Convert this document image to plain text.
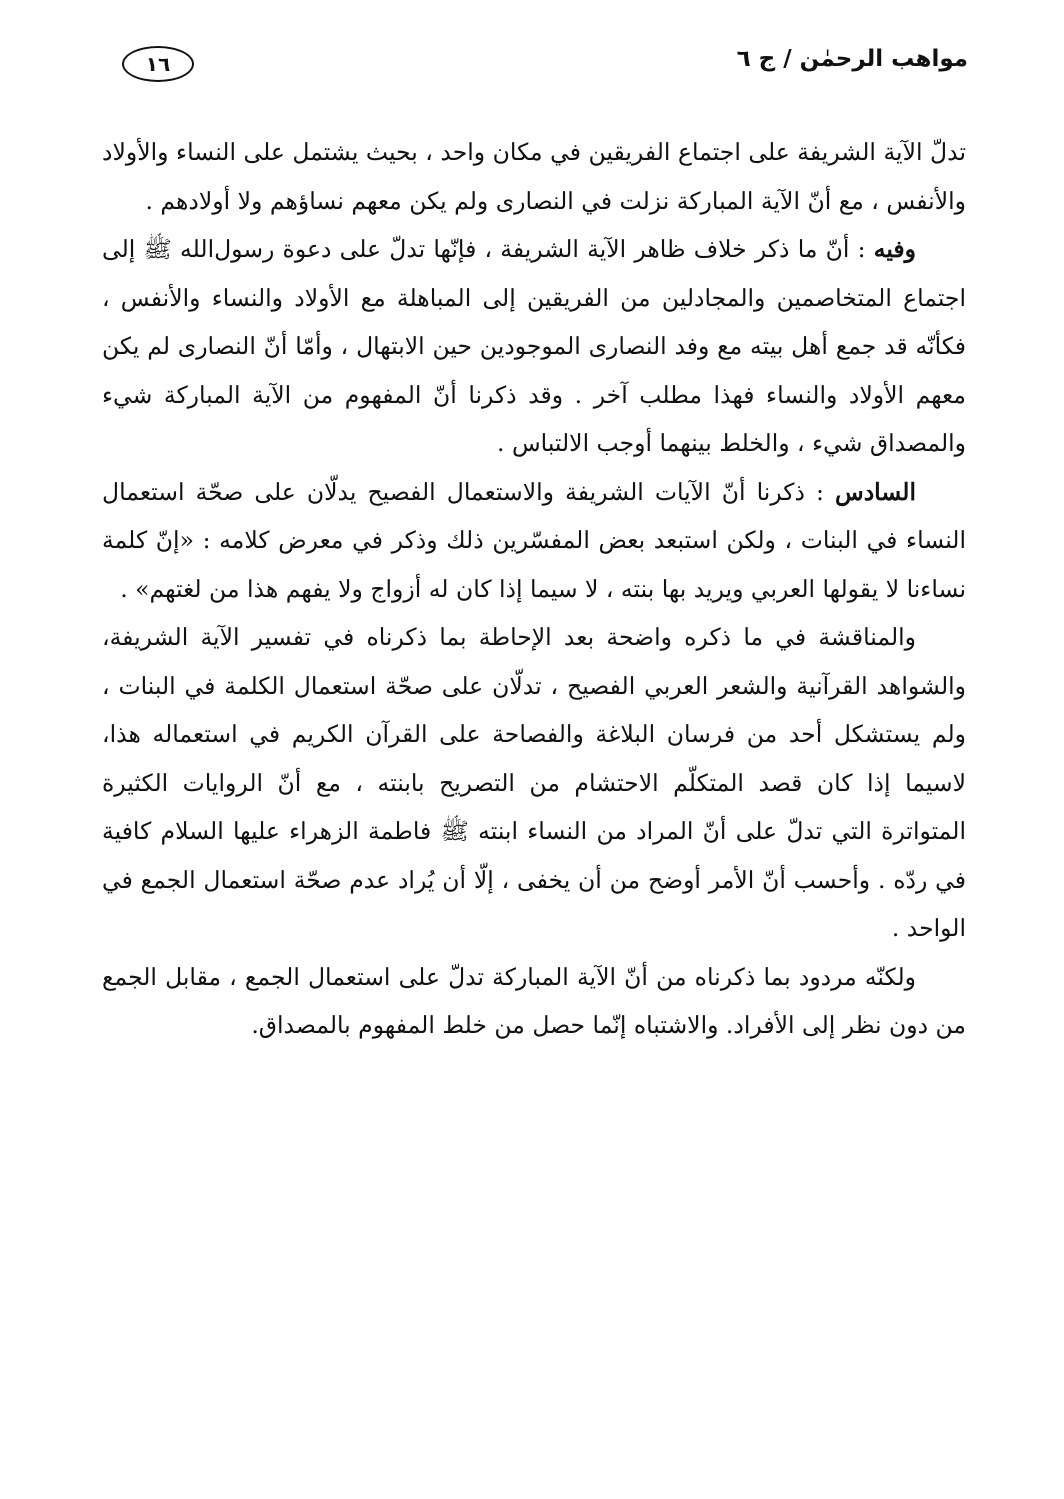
مواهب الرحمٰن / ج ٦
١٦

تدلّ الآية الشريفة على اجتماع الفريقين في مكان واحد ، بحيث يشتمل على النساء والأولاد والأنفس ، مع أنّ الآية المباركة نزلت في النصارى ولم يكن معهم نساؤهم ولا أولادهم .

وفيه : أنّ ما ذكر خلاف ظاهر الآية الشريفة ، فإنّها تدلّ على دعوة رسول‌الله ﷺ إلى اجتماع المتخاصمين والمجادلين من الفريقين إلى المباهلة مع الأولاد والنساء والأنفس ، فكأنّه قد جمع أهل بيته مع وفد النصارى الموجودين حين الابتهال ، وأمّا أنّ النصارى لم يكن معهم الأولاد والنساء فهذا مطلب آخر . وقد ذكرنا أنّ المفهوم من الآية المباركة شيء والمصداق شيء ، والخلط بينهما أوجب الالتباس .

السادس : ذكرنا أنّ الآيات الشريفة والاستعمال الفصيح يدلّان على صحّة استعمال النساء في البنات ، ولكن استبعد بعض المفسّرين ذلك وذكر في معرض كلامه : «إنّ كلمة نساءنا لا يقولها العربي ويريد بها بنته ، لا سيما إذا كان له أزواج ولا يفهم هذا من لغتهم» .

والمناقشة في ما ذكره واضحة بعد الإحاطة بما ذكرناه في تفسير الآية الشريفة، والشواهد القرآنية والشعر العربي الفصيح ، تدلّان على صحّة استعمال الكلمة في البنات ، ولم يستشكل أحد من فرسان البلاغة والفصاحة على القرآن الكريم في استعماله هذا، لاسيما إذا كان قصد المتكلّم الاحتشام من التصريح بابنته ، مع أنّ الروايات الكثيرة المتواترة التي تدلّ على أنّ المراد من النساء ابنته ﷺ فاطمة الزهراء عليها السلام كافية في ردّه . وأحسب أنّ الأمر أوضح من أن يخفى ، إلّا أن يُراد عدم صحّة استعمال الجمع في الواحد .

ولكنّه مردود بما ذكرناه من أنّ الآية المباركة تدلّ على استعمال الجمع ، مقابل الجمع من دون نظر إلى الأفراد. والاشتباه إنّما حصل من خلط المفهوم بالمصداق.
